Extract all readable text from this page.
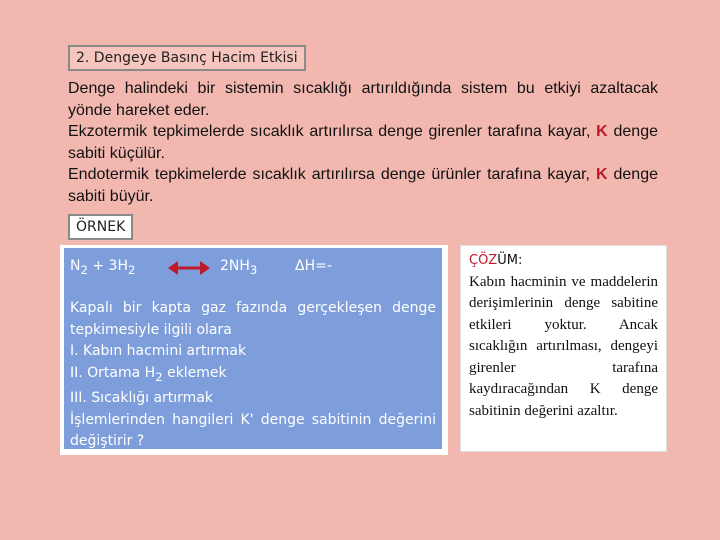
2. Dengeye Basınç Hacim Etkisi

Denge halindeki bir sistemin sıcaklığı artırıldığında sistem bu etkiyi azaltacak yönde hareket eder.

Ekzotermik tepkimelerde sıcaklık artırılırsa denge girenler tarafına kayar, K denge sabiti küçülür.

Endotermik tepkimelerde sıcaklık artırılırsa denge ürünler tarafına kayar, K denge sabiti büyür.

ÖRNEK
$N_2 + 3H_2$	$2NH_3$	ΔH=-
Kapalı bir kapta gaz fazında gerçekleşen denge tepkimesiyle ilgili olara
I. Kabın hacmini artırmak
II. Ortama $H_2$ eklemek
III. Sıcaklığı artırmak
İşlemlerinden hangileri K' denge sabitinin değerini değiştirir ?
ÇÖZÜM:
Kabın hacminin ve maddelerin derişimlerinin denge sabitine etkileri yoktur. Ancak sıcaklığın artırılması, dengeyi girenler tarafına kaydıracağından K denge sabitinin değerini azaltır.
